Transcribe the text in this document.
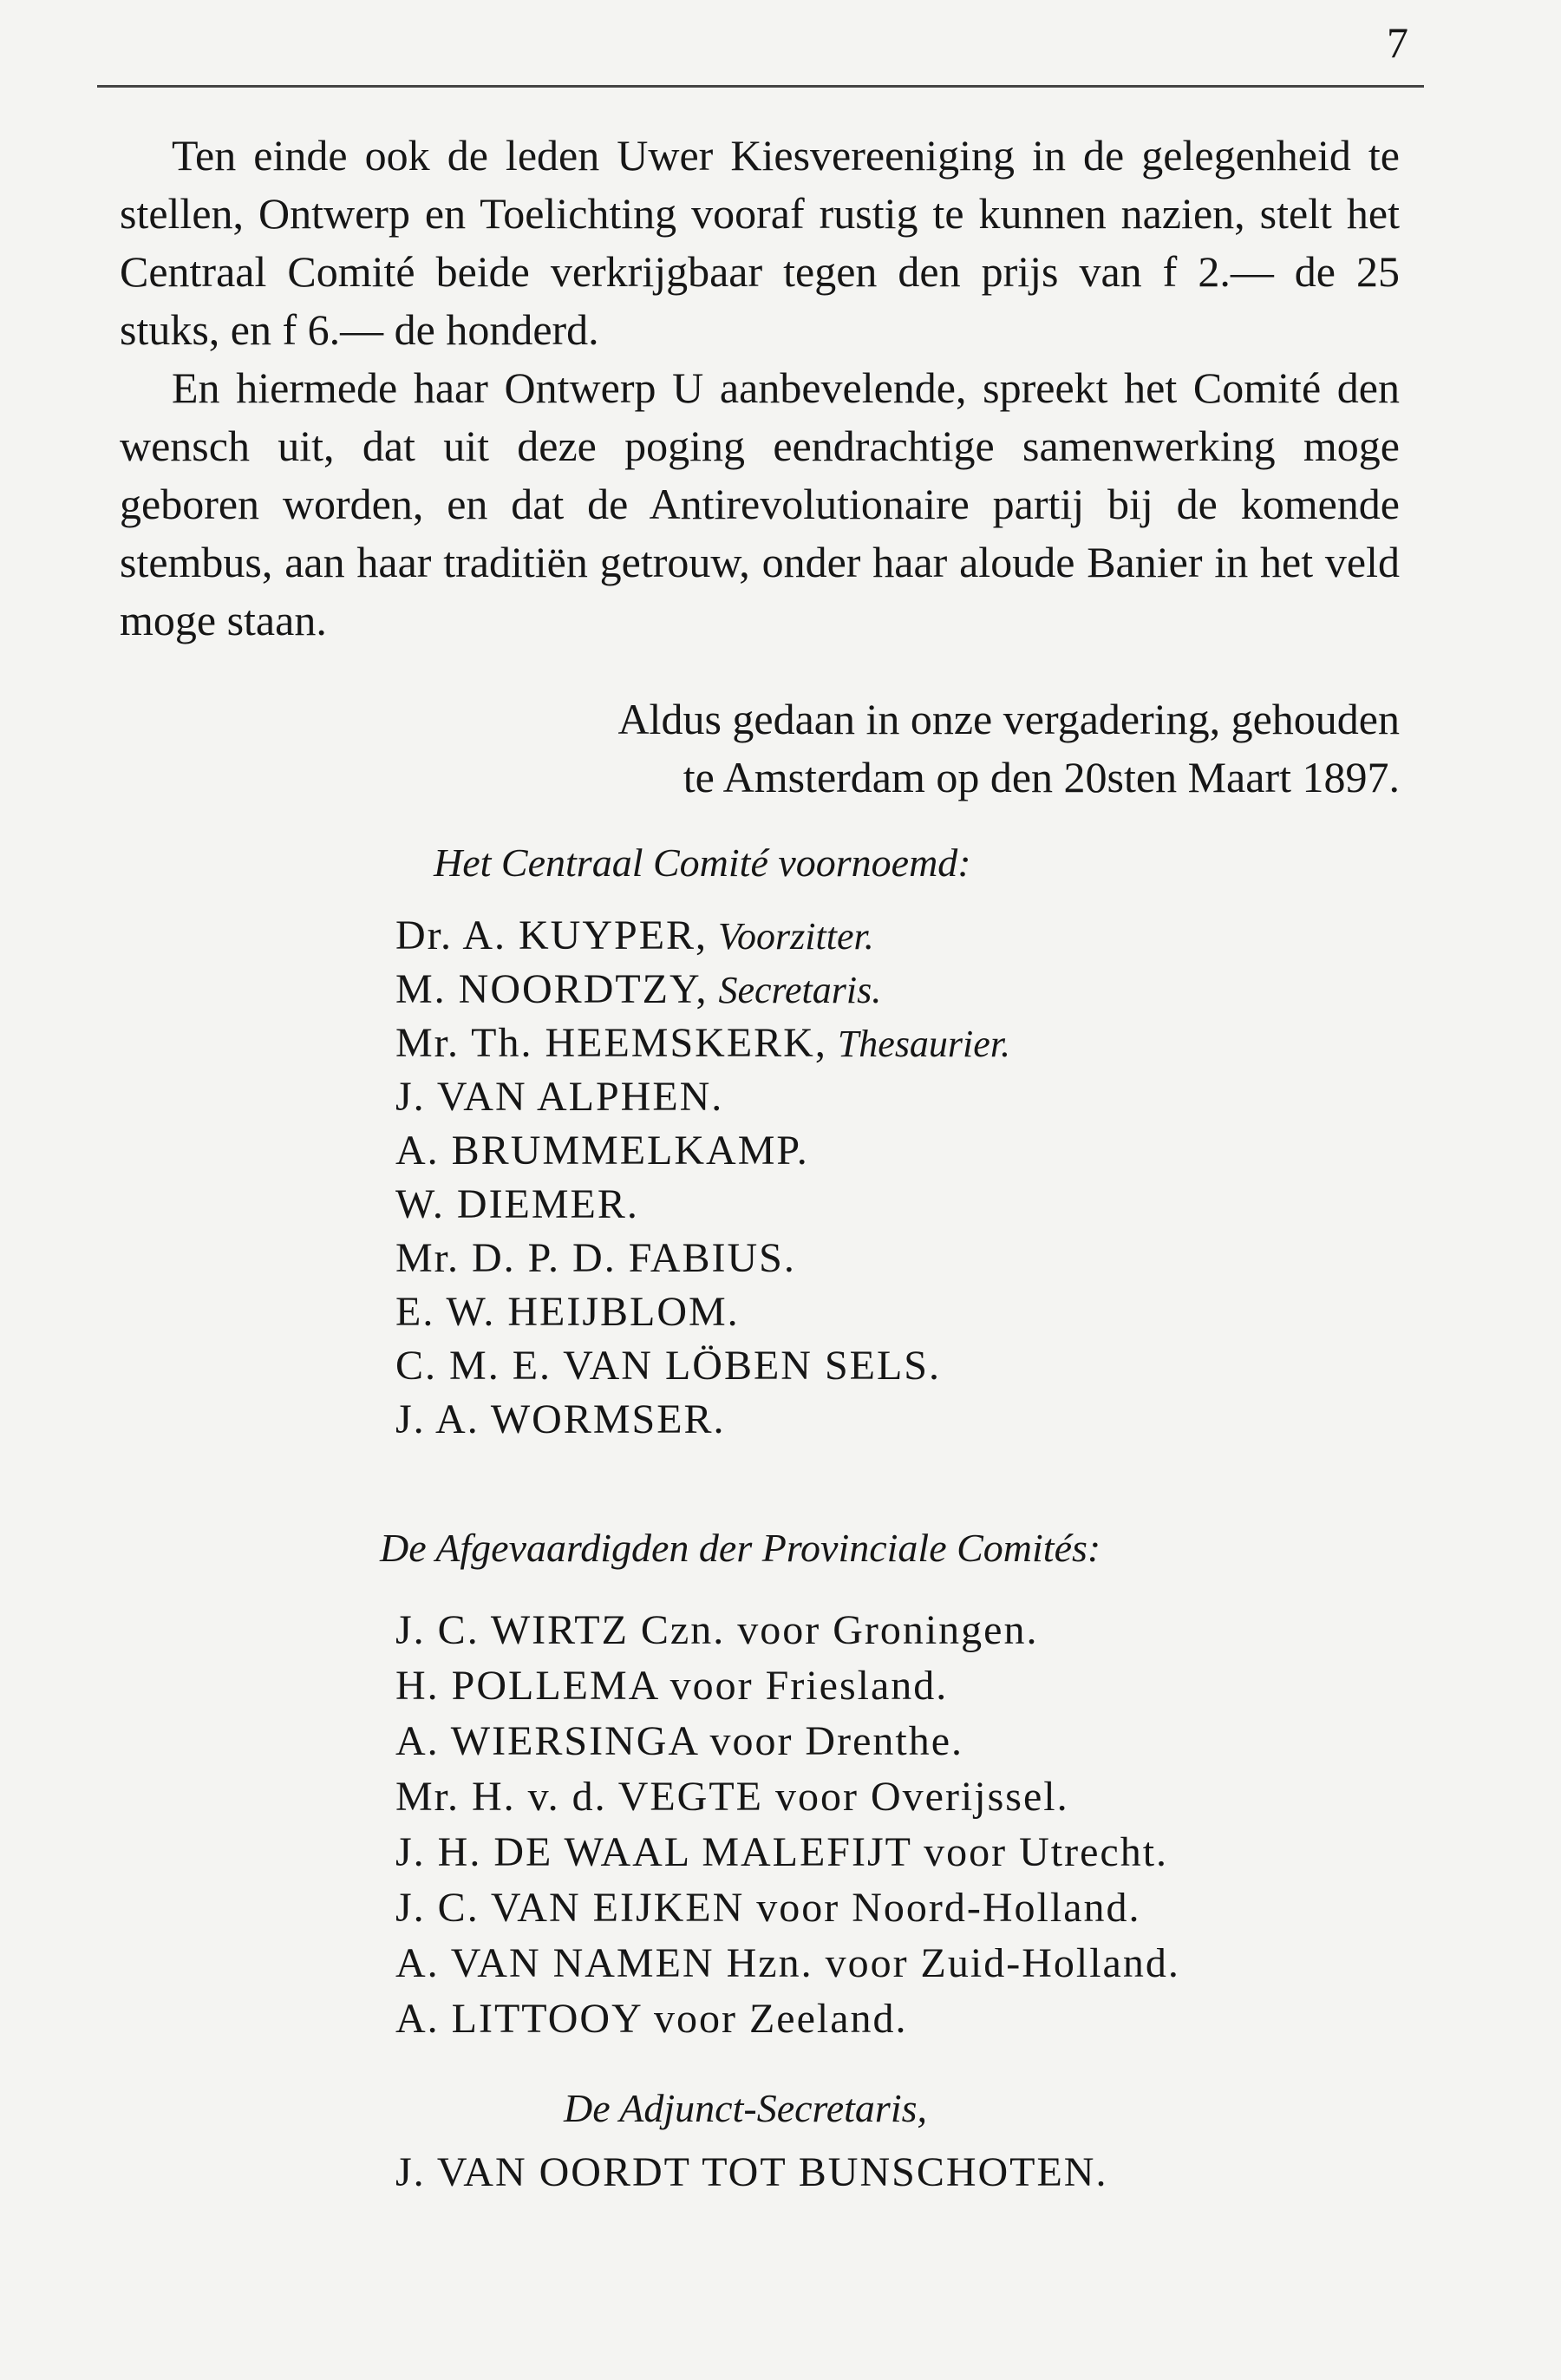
7

Ten einde ook de leden Uwer Kiesvereeniging in de gelegenheid te stellen, Ontwerp en Toelichting vooraf rustig te kunnen nazien, stelt het Centraal Comité beide verkrijgbaar tegen den prijs van f 2.— de 25 stuks, en f 6.— de honderd.

En hiermede haar Ontwerp U aanbevelende, spreekt het Comité den wensch uit, dat uit deze poging eendrachtige samenwerking moge geboren worden, en dat de Antirevolutionaire partij bij de komende stembus, aan haar traditiën getrouw, onder haar aloude Banier in het veld moge staan.

Aldus gedaan in onze vergadering, gehouden
te Amsterdam op den 20sten Maart 1897.
Het Centraal Comité voornoemd:
Dr. A. KUYPER, Voorzitter.
M. NOORDTZY, Secretaris.
Mr. Th. HEEMSKERK, Thesaurier.
J. VAN ALPHEN.
A. BRUMMELKAMP.
W. DIEMER.
Mr. D. P. D. FABIUS.
E. W. HEIJBLOM.
C. M. E. VAN LÖBEN SELS.
J. A. WORMSER.
De Afgevaardigden der Provinciale Comités:
J. C. WIRTZ Czn. voor Groningen.
H. POLLEMA voor Friesland.
A. WIERSINGA voor Drenthe.
Mr. H. v. d. VEGTE voor Overijssel.
J. H. DE WAAL MALEFIJT voor Utrecht.
J. C. VAN EIJKEN voor Noord-Holland.
A. VAN NAMEN Hzn. voor Zuid-Holland.
A. LITTOOY voor Zeeland.
De Adjunct-Secretaris,
J. VAN OORDT TOT BUNSCHOTEN.
